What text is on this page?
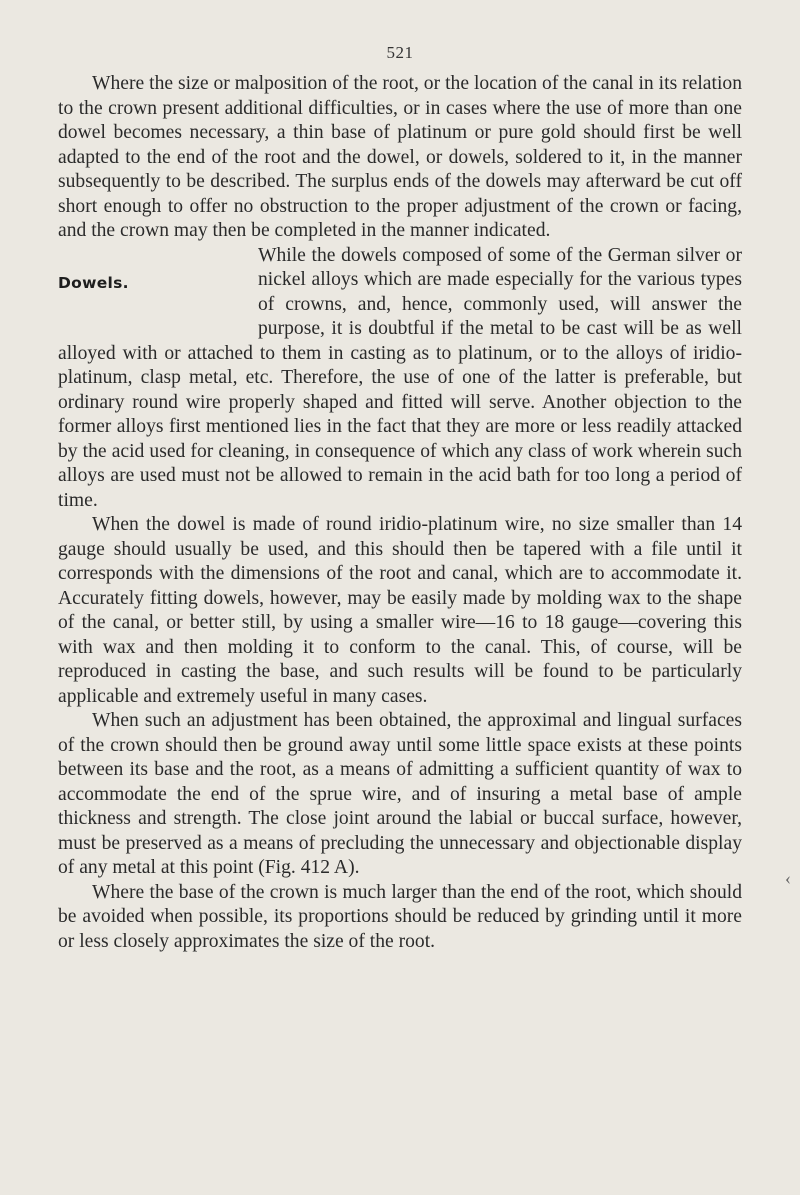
521

Where the size or malposition of the root, or the location of the canal in its relation to the crown present additional difficulties, or in cases where the use of more than one dowel becomes necessary, a thin base of platinum or pure gold should first be well adapted to the end of the root and the dowel, or dowels, soldered to it, in the manner subsequently to be described. The surplus ends of the dowels may afterward be cut off short enough to offer no obstruction to the proper adjustment of the crown or facing, and the crown may then be completed in the manner indicated.

Dowels.

While the dowels composed of some of the German silver or nickel alloys which are made especially for the various types of crowns, and, hence, commonly used, will answer the purpose, it is doubtful if the metal to be cast will be as well alloyed with or attached to them in casting as to platinum, or to the alloys of iridio-platinum, clasp metal, etc. Therefore, the use of one of the latter is preferable, but ordinary round wire properly shaped and fitted will serve. Another objection to the former alloys first mentioned lies in the fact that they are more or less readily attacked by the acid used for cleaning, in consequence of which any class of work wherein such alloys are used must not be allowed to remain in the acid bath for too long a period of time.

When the dowel is made of round iridio-platinum wire, no size smaller than 14 gauge should usually be used, and this should then be tapered with a file until it corresponds with the dimensions of the root and canal, which are to accommodate it. Accurately fitting dowels, however, may be easily made by molding wax to the shape of the canal, or better still, by using a smaller wire—16 to 18 gauge—covering this with wax and then molding it to conform to the canal. This, of course, will be reproduced in casting the base, and such results will be found to be particularly applicable and extremely useful in many cases.

When such an adjustment has been obtained, the approximal and lingual surfaces of the crown should then be ground away until some little space exists at these points between its base and the root, as a means of admitting a sufficient quantity of wax to accommodate the end of the sprue wire, and of insuring a metal base of ample thickness and strength. The close joint around the labial or buccal surface, however, must be preserved as a means of precluding the unnecessary and objectionable display of any metal at this point (Fig. 412 A).

Where the base of the crown is much larger than the end of the root, which should be avoided when possible, its proportions should be reduced by grinding until it more or less closely approximates the size of the root.

‹
